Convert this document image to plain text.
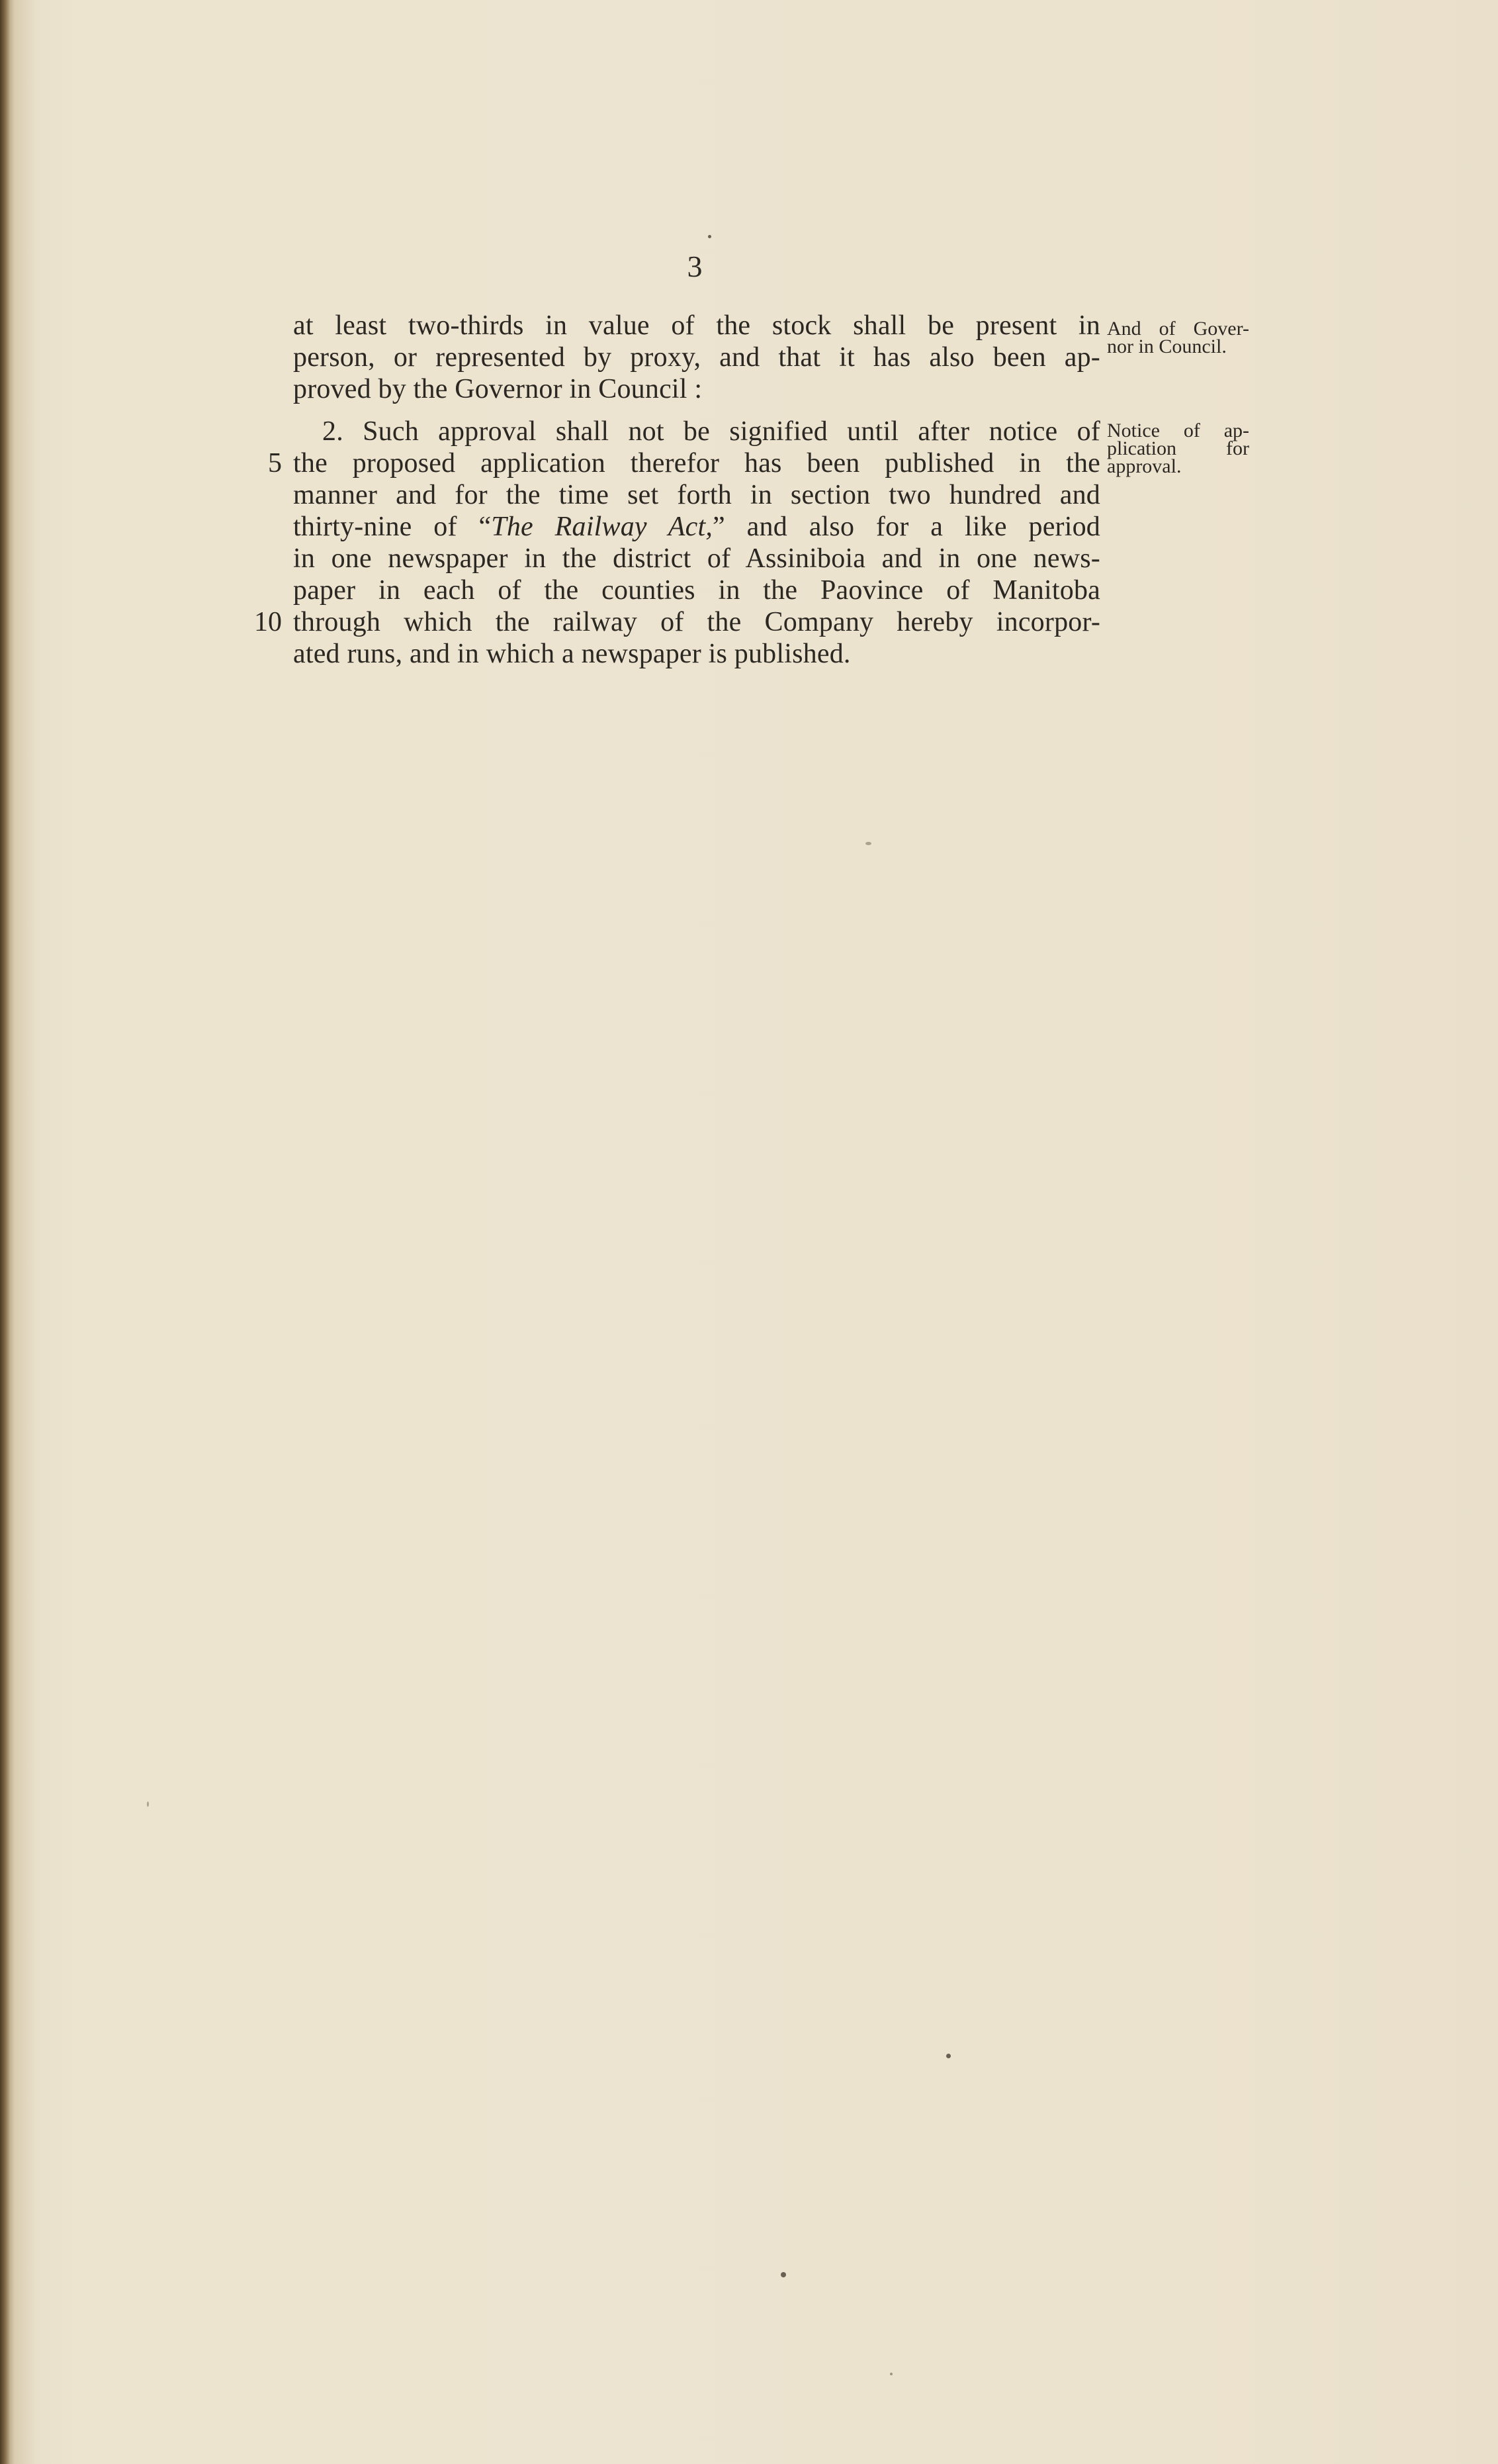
3
at least two-thirds in value of the stock shall be present in
person, or represented by proxy, and that it has also been ap-
proved by the Governor in Council :
2. Such approval shall not be signified until after notice of
the proposed application therefor has been published in the
manner and for the time set forth in section two hundred and
thirty-nine of “The Railway Act,” and also for a like period
in one newspaper in the district of Assiniboia and in one news-
paper in each of the counties in the Paovince of Manitoba
through which the railway of the Company hereby incorpor-
ated runs, and in which a newspaper is published.
5
10
And of Gover-
nor in Council.
Notice of ap-
plication for
approval.
